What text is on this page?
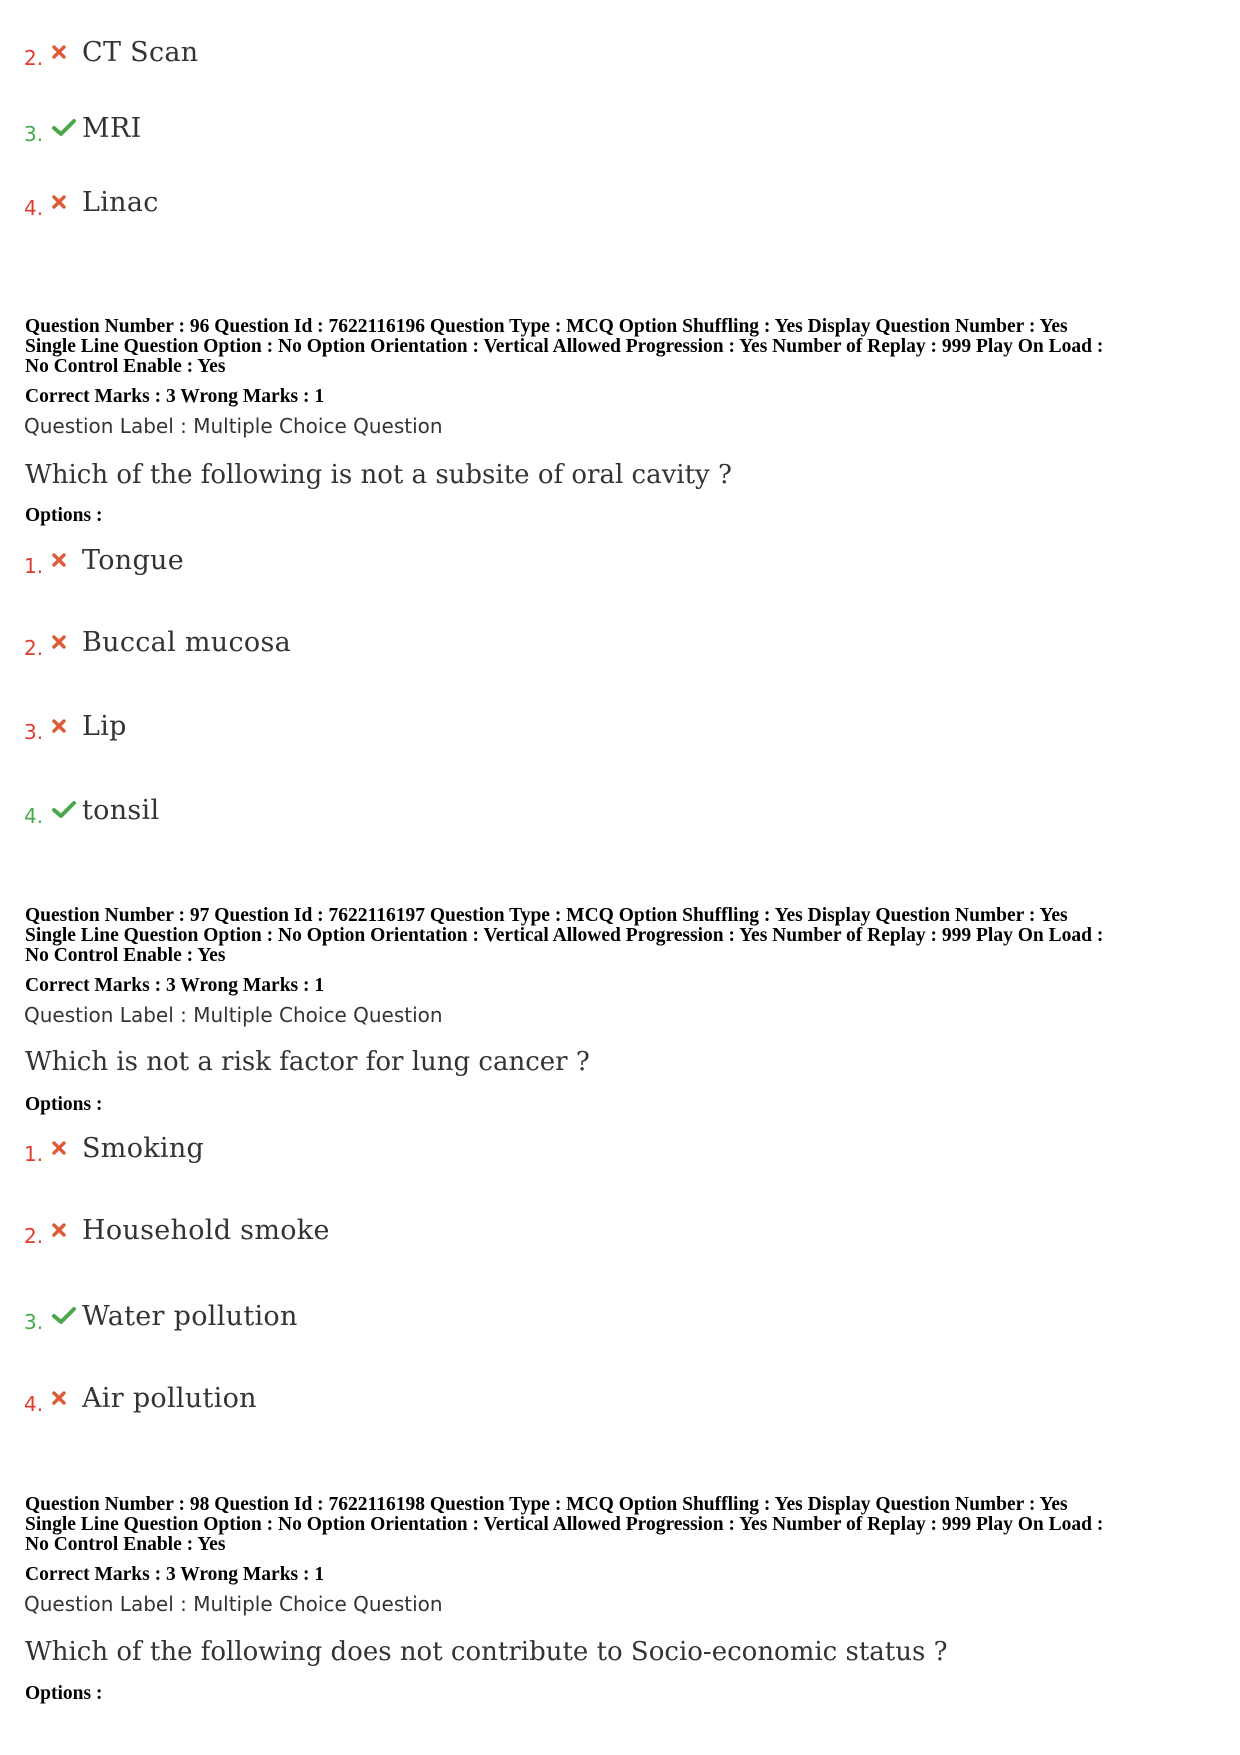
2.	CT Scan
3.	MRI
4.	Linac
Question Number : 96 Question Id : 7622116196 Question Type : MCQ Option Shuffling : Yes Display Question Number : Yes
Single Line Question Option : No Option Orientation : Vertical Allowed Progression : Yes Number of Replay : 999 Play On Load :
No Control Enable : Yes
Correct Marks : 3 Wrong Marks : 1
Question Label : Multiple Choice Question
Which of the following is not a subsite of oral cavity ?
Options :
1.	Tongue
2.	Buccal mucosa
3.	Lip
4.	tonsil
Question Number : 97 Question Id : 7622116197 Question Type : MCQ Option Shuffling : Yes Display Question Number : Yes
Single Line Question Option : No Option Orientation : Vertical Allowed Progression : Yes Number of Replay : 999 Play On Load :
No Control Enable : Yes
Correct Marks : 3 Wrong Marks : 1
Question Label : Multiple Choice Question
Which is not a risk factor for lung cancer ?
Options :
1.	Smoking
2.	Household smoke
3.	Water pollution
4.	Air pollution
Question Number : 98 Question Id : 7622116198 Question Type : MCQ Option Shuffling : Yes Display Question Number : Yes
Single Line Question Option : No Option Orientation : Vertical Allowed Progression : Yes Number of Replay : 999 Play On Load :
No Control Enable : Yes
Correct Marks : 3 Wrong Marks : 1
Question Label : Multiple Choice Question
Which of the following does not contribute to Socio-economic status ?
Options :
